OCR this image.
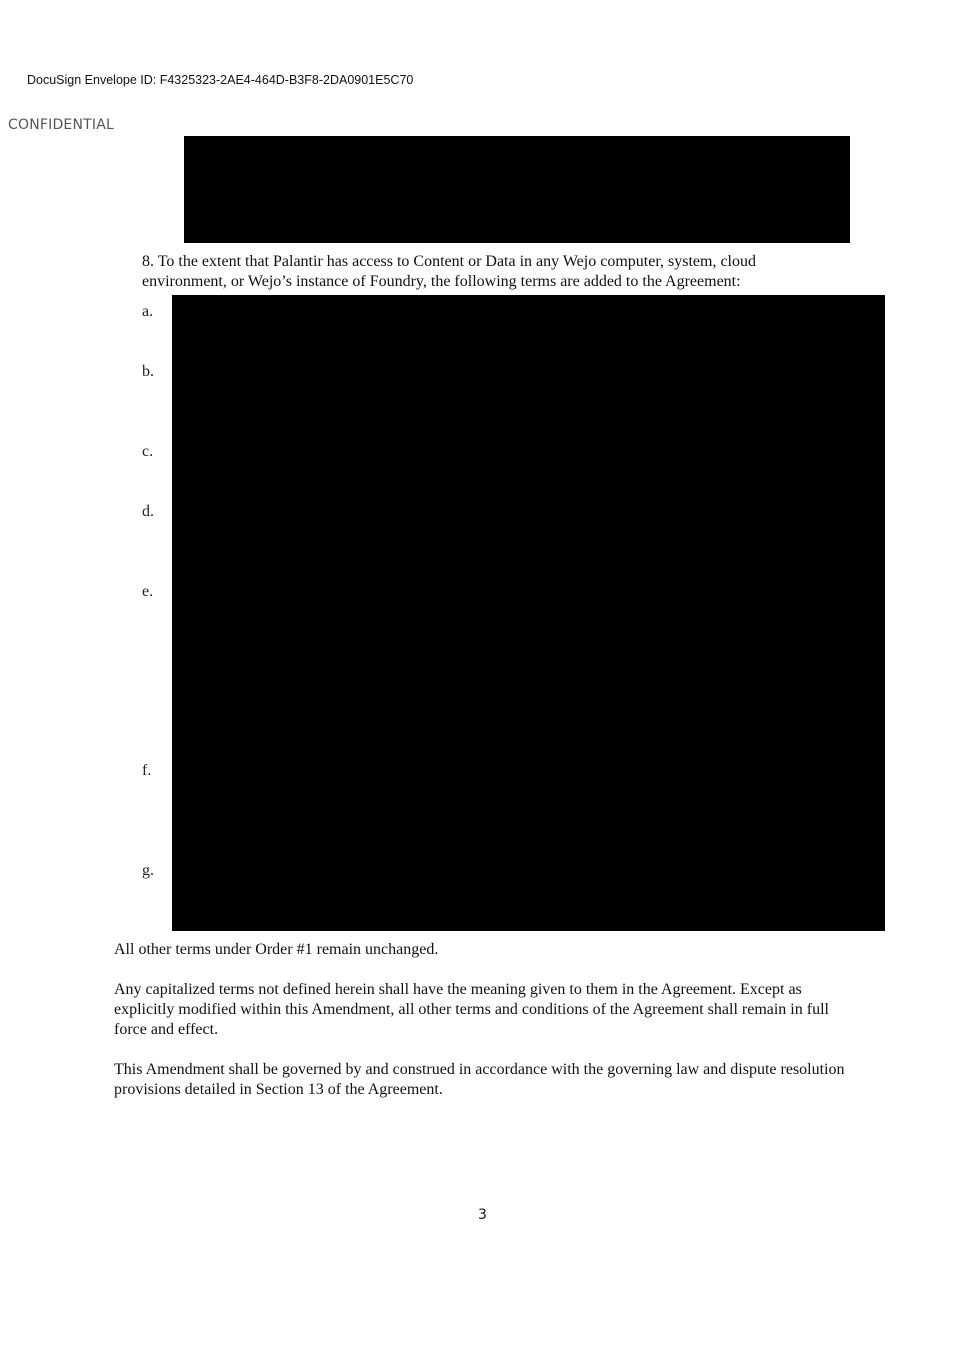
DocuSign Envelope ID: F4325323-2AE4-464D-B3F8-2DA0901E5C70
CONFIDENTIAL
8. To the extent that Palantir has access to Content or Data in any Wejo computer, system, cloud environment, or Wejo’s instance of Foundry, the following terms are added to the Agreement:
a.
b.
c.
d.
e.
f.
g.
All other terms under Order #1 remain unchanged.
Any capitalized terms not defined herein shall have the meaning given to them in the Agreement. Except as explicitly modified within this Amendment, all other terms and conditions of the Agreement shall remain in full force and effect.
This Amendment shall be governed by and construed in accordance with the governing law and dispute resolution provisions detailed in Section 13 of the Agreement.
3
